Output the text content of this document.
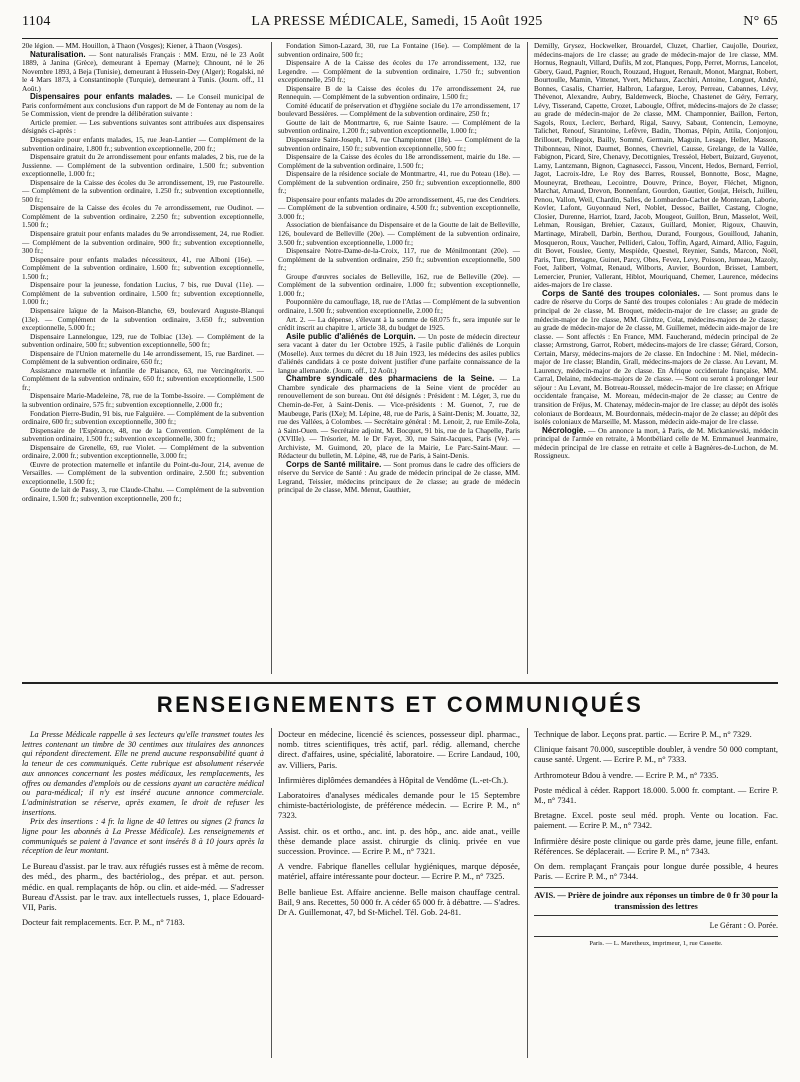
1104	LA PRESSE MÉDICALE, Samedi, 15 Août 1925	N° 65

20e légion. — MM. Houillon, à Thaon (Vosges); Kiener, à Thaon (Vosges).

Naturalisation. — Sont naturalisés Français : MM. Erzu, né le 23 Août 1889, à Janina (Grèce), demeurant à Epernay (Marne); Chnount, né le 26 Novembre 1893, à Beja (Tunisie), demeurant à Hussein-Dey (Alger); Rogalski, né le 4 Mars 1873, à Constantinople (Turquie), demeurant à Tunis. (Journ. off., 11 Août.)

Dispensaires pour enfants malades. — Le Conseil municipal de Paris conformément aux conclusions d'un rapport de M de Fontenay au nom de la 5e Commission, vient de prendre la délibération suivante :

Article premier. — Les subventions suivantes sont attribuées aux dispensaires désignés ci-après :

Dispensaire pour enfants malades, 15, rue Jean-Lantier — Complément de la subvention ordinaire, 1.800 fr.; subvention exceptionnelle, 200 fr.;

Dispensaire gratuit du 2e arrondissement pour enfants malades, 2 bis, rue de la Jussienne. — Complément de la subvention ordinaire, 1.500 fr.; subvention exceptionnelle, 1.000 fr.;

Dispensaire de la Caisse des écoles du 3e arrondissement, 19, rue Pastourelle. — Complément de la subvention ordinaire, 1.250 fr.; subvention exceptionnelle, 500 fr.;

Dispensaire de la Caisse des écoles du 7e arrondissement, rue Oudinot. — Complément de la subvention ordinaire, 2.250 fr.; subvention exceptionnelle, 1.500 fr.;

Dispensaire gratuit pour enfants malades du 9e arrondissement, 24, rue Rodier. — Complément de la subvention ordinaire, 900 fr.; subvention exceptionnelle, 300 fr.;

Dispensaire pour enfants malades nécessiteux, 41, rue Alboni (16e). — Complément de la subvention ordinaire, 1.600 fr.; subvention exceptionnelle, 1.500 fr.;

Dispensaire pour la jeunesse, fondation Lucius, 7 bis, rue Duval (11e). — Complément de la subvention ordinaire, 1.500 fr.; subvention exceptionnelle, 1.000 fr.;

Dispensaire laïque de la Maison-Blanche, 69, boulevard Auguste-Blanqui (13e). — Complément de la subvention ordinaire, 3.650 fr.; subvention exceptionnelle, 5.000 fr.;

Dispensaire Lannelongue, 129, rue de Tolbiac (13e). — Complément de la subvention ordinaire, 500 fr.; subvention exceptionnelle, 500 fr.;

Dispensaire de l'Union maternelle du 14e arrondissement, 15, rue Bardinet. — Complément de la subvention ordinaire, 650 fr.;

Assistance maternelle et infantile de Plaisance, 63, rue Vercingétorix. — Complément de la subvention ordinaire, 650 fr.; subvention exceptionnelle, 1.500 fr.;

Dispensaire Marie-Madeleine, 78, rue de la Tombe-Issoire. — Complément de la subvention ordinaire, 575 fr.; subvention exceptionnelle, 2.000 fr.;

Fondation Pierre-Budin, 91 bis, rue Falguière. — Complément de la subvention ordinaire, 600 fr.; subvention exceptionnelle, 300 fr.;

Dispensaire de l'Espérance, 48, rue de la Convention. Complément de la subvention ordinaire, 1.500 fr.; subvention exceptionnelle, 300 fr.;

Dispensaire de Grenelle, 69, rue Violet. — Complément de la subvention ordinaire, 2.000 fr.; subvention exceptionnelle, 3.000 fr.;

Œuvre de protection maternelle et infantile du Point-du-Jour, 214, avenue de Versailles. — Complément de la subvention ordinaire, 2.500 fr.; subvention exceptionnelle, 1.500 fr.;

Goutte de lait de Passy, 3, rue Claude-Chahu. — Complément de la subvention ordinaire, 1.500 fr.; subvention exceptionnelle, 200 fr.;

Fondation Simon-Lazard, 30, rue La Fontaine (16e). — Complément de la subvention ordinaire, 500 fr.;

Dispensaire A de la Caisse des écoles du 17e arrondissement, 132, rue Legendre. — Complément de la subvention ordinaire, 1.750 fr.; subvention exceptionnelle, 250 fr.;

Dispensaire B de la Caisse des écoles du 17e arrondissement 24, rue Rennequin. — Complément de la subvention ordinaire, 1.500 fr.;

Comité éducatif de préservation et d'hygiène sociale du 17e arrondissement, 17 boulevard Bessières. — Complément de la subvention ordinaire, 250 fr.;

Goutte de lait de Montmartre, 6, rue Sainte Isaure. — Complément de la subvention ordinaire, 1.200 fr.; subvention exceptionnelle, 1.000 fr.;

Dispensaire Saint-Joseph, 174, rue Championnet (18e). — Complément de la subvention ordinaire, 150 fr.; subvention exceptionnelle, 500 fr.;

Dispensaire de la Caisse des écoles du 18e arrondissement, mairie du 18e. — Complément de la subvention ordinaire, 1.500 fr.;

Dispensaire de la résidence sociale de Montmartre, 41, rue du Poteau (18e). — Complément de la subvention ordinaire, 250 fr.; subvention exceptionnelle, 800 fr.;

Dispensaire pour enfants malades du 20e arrondissement, 45, rue des Cendriers. — Complément de la subvention ordinaire, 4.500 fr.; subvention exceptionnelle, 3.000 fr.;

Association de bienfaisance du Dispensaire et de la Goutte de lait de Belleville, 126, boulevard de Belleville (20e). — Complément de la subvention ordinaire, 3.500 fr.; subvention exceptionnelle, 1.000 fr.;

Dispensaire Notre-Dame-de-la-Croix, 117, rue de Ménilmontant (20e). — Complément de la subvention ordinaire, 250 fr.; subvention exceptionnelle, 500 fr.;

Groupe d'œuvres sociales de Belleville, 162, rue de Belleville (20e). — Complément de la subvention ordinaire, 1.000 fr.; subvention exceptionnelle, 1.000 fr.;

Pouponnière du camouflage, 18, rue de l'Atlas — Complément de la subvention ordinaire, 1.500 fr.; subvention exceptionnelle, 2.000 fr.;

Art. 2. — La dépense, s'élevant à la somme de 68.075 fr., sera imputée sur le crédit inscrit au chapitre 1, article 38, du budget de 1925.

Asile public d'aliénés de Lorquin. — Un poste de médecin directeur sera vacant à dater du 1er Octobre 1925, à l'asile public d'aliénés de Lorquin (Moselle). Aux termes du décret du 18 Juin 1923, les médecins des asiles publics d'aliénés candidats à ce poste doivent justifier d'une parfaite connaissance de la langue allemande. (Journ. off., 12 Août.)

Chambre syndicale des pharmaciens de la Seine. — La Chambre syndicale des pharmaciens de la Seine vient de procéder au renouvellement de son bureau. Ont été désignés : Président : M. Léger, 3, rue du Chemin-de-Fer, à Saint-Denis. — Vice-présidents : M. Guenot, 7, rue de Maubeuge, Paris (IXe); M. Lépine, 48, rue de Paris, à Saint-Denis; M. Jouatte, 32, rue des Vallées, à Colombes. — Secrétaire général : M. Lenoir, 2, rue Emile-Zola, à Saint-Ouen. — Secrétaire adjoint, M. Bocquet, 91 bis, rue de la Chapelle, Paris (XVIIIe). — Trésorier, M. le Dr Fayet, 30, rue Saint-Jacques, Paris (Ve). — Archiviste, M. Guimond, 20, place de la Mairie, Le Parc-Saint-Maur. — Rédacteur du bulletin, M. Lépine, 48, rue de Paris, à Saint-Denis.

Corps de Santé militaire. — Sont promus dans le cadre des officiers de réserve du Service de Santé : Au grade de médecin principal de 2e classe, MM. Legrand, Teissier, médecins principaux de 2e classe; au grade de médecin principal de 2e classe, MM. Menut, Gauthier,

Demilly, Grysez, Hockwelker, Brouardel, Cluzet, Charlier, Caujolle, Douriez, médecins-majors de 1re classe; au grade de médecin-major de 1re classe, MM. Hornus, Regnault, Villard, Dufils, M zot, Planques, Popp, Perret, Morrus, Lancelot, Gbery, Gaud, Pagnier, Rouch, Rouzaud, Huguet, Renault, Monot, Margnat, Robert, Bourtoulle, Mamin, Vittenet, Yvert, Michaux, Zacchiri, Antoine, Longuet, André, Bonnes, Casalis, Charrier, Halbron, Lafargue, Leroy, Perreau, Cabannes, Lévy, Thévenot, Alexandre, Aubry, Baldenweck, Bioche, Chastenet de Géry, Ferrary, Lévy, Tisserand, Capette, Crozet, Labougle, Offret, médecins-majors de 2e classe; au grade de médecin-major de 2e classe, MM. Champonnier, Baillon, Ferton, Sagols, Roux, Leclerc, Berhard, Rigal, Sauvy, Sabaut, Contencin, Lemoyne, Talichet, Renouf, Sirantoine, Lefèvre, Badin, Thomas, Pépin, Attila, Conjonjou, Brillouet, Pellegoix, Bailly, Sommé, Germain, Maguin, Lesage, Heller, Masson, Thibonneau, Ninot, Daumet, Bonnes, Chevriel, Causse, Grelange, de la Vallée, Fabignon, Picard, Sire, Chenavy, Decottignies, Tresséol, Hebert, Buizard, Guyenot, Lamy, Lantzmann, Bignon, Cagnasecci, Fassou, Vincent, Hedos, Bernard, Ferriol, Jagot, Lacroix-Idre, Le Roy des Barres, Roussel, Bonnotte, Bosc, Magne, Mouneyrat, Bretheau, Lecointre, Douvre, Prince, Boyer, Fléchet, Mignon, Marchat, Arnaud, Drevon, Bonnenfant, Gourdon, Gautier, Goujat, Heisch, Juilleu, Penou, Vallon, Weil, Chardin, Salles, de Lombardon-Cachet de Montezan, Laborie, Kovler, Lafont, Guyonnaud Nerl, Noblet, Dessoc, Baillet, Castang, Clogne, Closier, Durenne, Harriot, Izard, Jacob, Mougeot, Guillon, Brun, Masselot, Weil, Lehman, Rousigan, Brehier, Cazaux, Guillard, Monier, Rigoux, Chauvin, Martinage, Mirabell, Darbin, Berthou, Durand, Fourgous, Gouilloud, Jahanin, Mosqueron, Roux, Vaucher, Pellideri, Calou, Toffin, Agard, Aimard, Allio, Faguin, dit Bovet, Fouslee, Genty, Mespiède, Quesnel, Reynier, Sands, Marcon, Noël, Paris, Turc, Bretagne, Guinet, Parcy, Obes, Fevez, Levy, Poisson, Jumeau, Mazoly, Foet, Jalibert, Volmat, Renaud, Wilborts, Auvier, Bourdon, Brisset, Lambert, Lemercier, Prunier, Vallerant, Hiblot, Mouriquand, Chemer, Laurence, médecins aides-majors de 1re classe.

Corps de Santé des troupes coloniales. — Sont promus dans le cadre de réserve du Corps de Santé des troupes coloniales : Au grade de médecin principal de 2e classe, M. Broquet, médecin-major de 1re classe; au grade de médecin-major de 1re classe, MM. Girdtze, Colat, médecins-majors de 2e classe; au grade de médecin-major de 2e classe, M. Guillemet, médecin aide-major de 1re classe. — Sont affectés : En France, MM. Faucherand, médecin principal de 2e classe; Armstrong, Garrot, Robert, médecins-majors de 1re classe; Gérard, Corson, Certain, Marsy, médecins-majors de 2e classe. En Indochine : M. Niel, médecin-major de 1re classe; Blandin, Grall, médecins-majors de 2e classe. Au Levant, M. Laurency, médecin-major de 2e classe. En Afrique occidentale française, MM. Carral, Delaine, médecins-majors de 2e classe. — Sont ou seront à prolonger leur séjour : Au Levant, M. Botreau-Roussel, médecin-major de 1re classe; en Afrique occidentale française, M. Moreau, médecin-major de 2e classe; au Centre de transition de Fréjus, M. Chatenay, médecin-major de 1re classe; au dépôt des isolés coloniaux de Bordeaux, M. Bourdonnais, médecin-major de 2e classe; au dépôt des isolés coloniaux de Marseille, M. Masson, médecin aide-major de 1re classe.

Nécrologie. — On annonce la mort, à Paris, de M. Mickaniewski, médecin principal de l'armée en retraite, à Montbéliard celle de M. Emmanuel Jeanmaire, médecin principal de 1re classe en retraite et celle à Bagnères-de-Luchon, de M. Rossigneux.

RENSEIGNEMENTS ET COMMUNIQUÉS

La Presse Médicale rappelle à ses lecteurs qu'elle transmet toutes les lettres contenant un timbre de 30 centimes aux titulaires des annonces qui répondent directement. Elle ne prend aucune responsabilité quant à la teneur de ces communiqués. Cette rubrique est absolument réservée aux annonces concernant les postes médicaux, les remplacements, les offres ou demandes d'emplois ou de cessions ayant un caractère médical ou para-médical; il n'y est inséré aucune annonce commerciale. L'administration se réserve, après examen, le droit de refuser les insertions.

Prix des insertions : 4 fr. la ligne de 40 lettres ou signes (2 francs la ligne pour les abonnés à La Presse Médicale). Les renseignements et communiqués se paient à l'avance et sont insérés 8 à 10 jours après la réception de leur montant.

Le Bureau d'assist. par le trav. aux réfugiés russes est à même de recom. des méd., des pharm., des bactériolog., des prépar. et aut. person. médic. en qual. remplaçants de hôp. ou clin. et aide-méd. — S'adresser Bureau d'Assist. par le trav. aux intellectuels russes, 1, place Edouard-VII, Paris.

Docteur fait remplacements. Ecr. P. M., n° 7183.

Docteur en médecine, licencié ès sciences, possesseur dipl. pharmac., nomb. titres scientifiques, très actif, parl. rédig. allemand, cherche direct. d'affaires, usine, spécialité, laboratoire. — Ecrire Landaud, 100, av. Villiers, Paris.

Infirmières diplômées demandées à Hôpital de Vendôme (L.-et-Ch.).

Laboratoires d'analyses médicales demande pour le 15 Septembre chimiste-bactériologiste, de préférence médecin. — Ecrire P. M., n° 7323.

Assist. chir. os et ortho., anc. int. p. des hôp., anc. aide anat., veille thèse demande place assist. chirurgie ds cliniq. privée en vue succession. Province. — Ecrire P. M., n° 7321.

A vendre. Fabrique flanelles cellular hygiéniques, marque déposée, matériel, affaire intéressante pour docteur. — Ecrire P. M., n° 7325.

Belle banlieue Est. Affaire ancienne. Belle maison chauffage central. Bail, 9 ans. Recettes, 50 000 fr. A céder 65 000 fr. à débattre. — S'adres. Dr A. Guillemonat, 47, bd St-Michel. Tél. Gob. 24-81.

Technique de labor. Leçons prat. partic. — Ecrire P. M., n° 7329.

Clinique faisant 70.000, susceptible doubler, à vendre 50 000 comptant, cause santé. Urgent. — Ecrire P. M., n° 7333.

Arthromoteur Bdou à vendre. — Ecrire P. M., n° 7335.

Poste médical à céder. Rapport 18.000. 5.000 fr. comptant. — Ecrire P. M., n° 7341.

Bretagne. Excel. poste seul méd. proph. Vente ou location. Fac. paiement. — Ecrire P. M., n° 7342.

Infirmière désire poste clinique ou garde près dame, jeune fille, enfant. Références. Se déplacerait. — Ecrire P. M., n° 7343.

On dem. remplaçant Français pour longue durée possible, 4 heures Paris. — Ecrire P. M., n° 7344.

AVIS. — Prière de joindre aux réponses un timbre de 0 fr 30 pour la transmission des lettres
Le Gérant : O. Porée.
Paris. — L. Maretheux, imprimeur, 1, rue Cassette.
